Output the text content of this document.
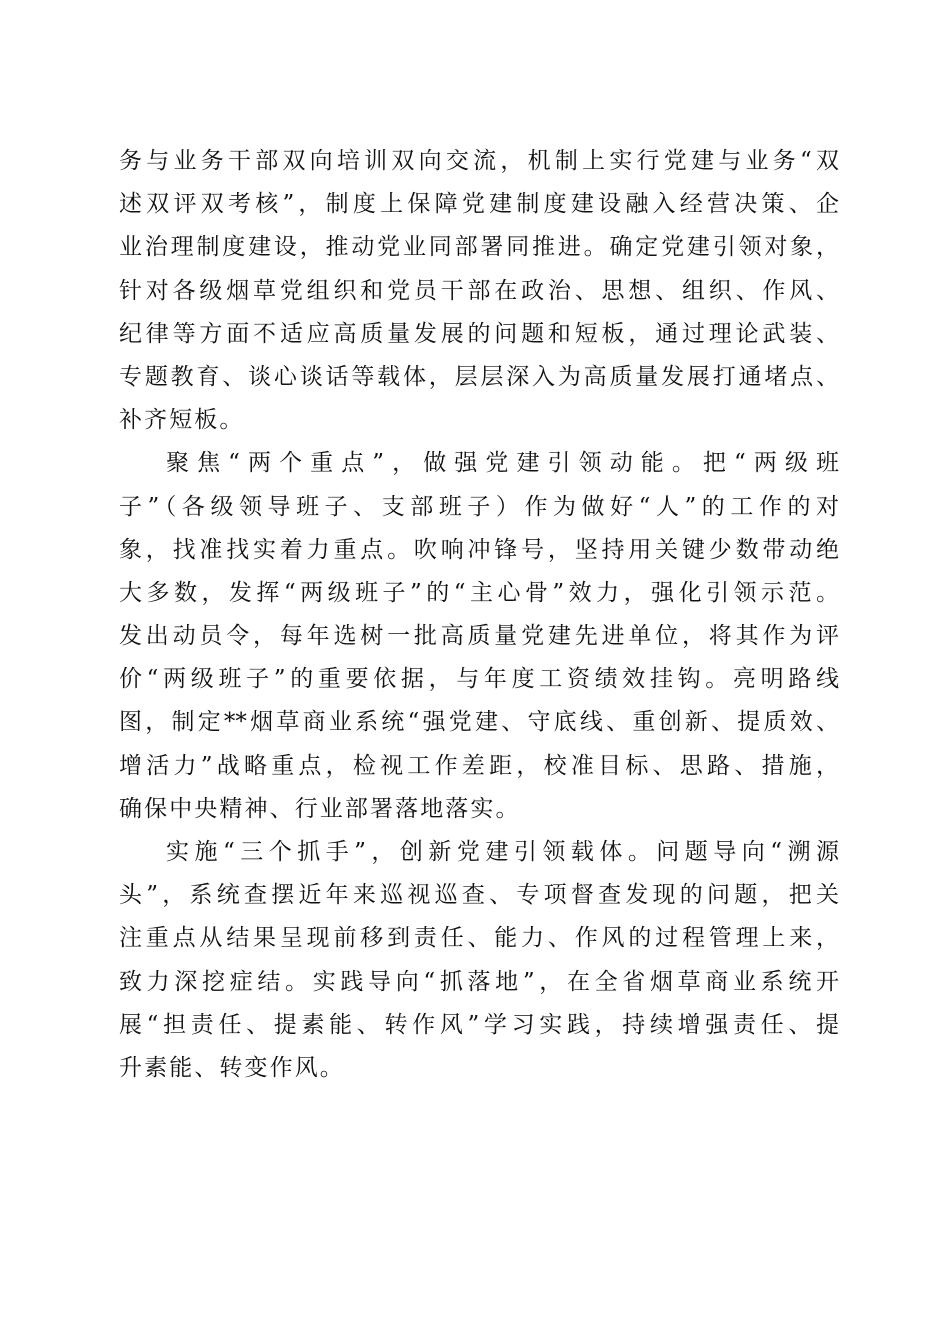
务与业务干部双向培训双向交流，机制上实行党建与业务“双
述双评双考核”，制度上保障党建制度建设融入经营决策、企
业治理制度建设，推动党业同部署同推进。确定党建引领对象，
针对各级烟草党组织和党员干部在政治、思想、组织、作风、
纪律等方面不适应高质量发展的问题和短板，通过理论武装、
专题教育、谈心谈话等载体，层层深入为高质量发展打通堵点、
补齐短板。
聚焦“两个重点”，做强党建引领动能。把“两级班
子”（各级领导班子、支部班子）作为做好“人”的工作的对
象，找准找实着力重点。吹响冲锋号，坚持用关键少数带动绝
大多数，发挥“两级班子”的“主心骨”效力，强化引领示范。
发出动员令，每年选树一批高质量党建先进单位，将其作为评
价“两级班子”的重要依据，与年度工资绩效挂钩。亮明路线
图，制定**烟草商业系统“强党建、守底线、重创新、提质效、
增活力”战略重点，检视工作差距，校准目标、思路、措施，
确保中央精神、行业部署落地落实。
实施“三个抓手”，创新党建引领载体。问题导向“溯源
头”，系统查摆近年来巡视巡查、专项督查发现的问题，把关
注重点从结果呈现前移到责任、能力、作风的过程管理上来，
致力深挖症结。实践导向“抓落地”，在全省烟草商业系统开
展“担责任、提素能、转作风”学习实践，持续增强责任、提
升素能、转变作风。
